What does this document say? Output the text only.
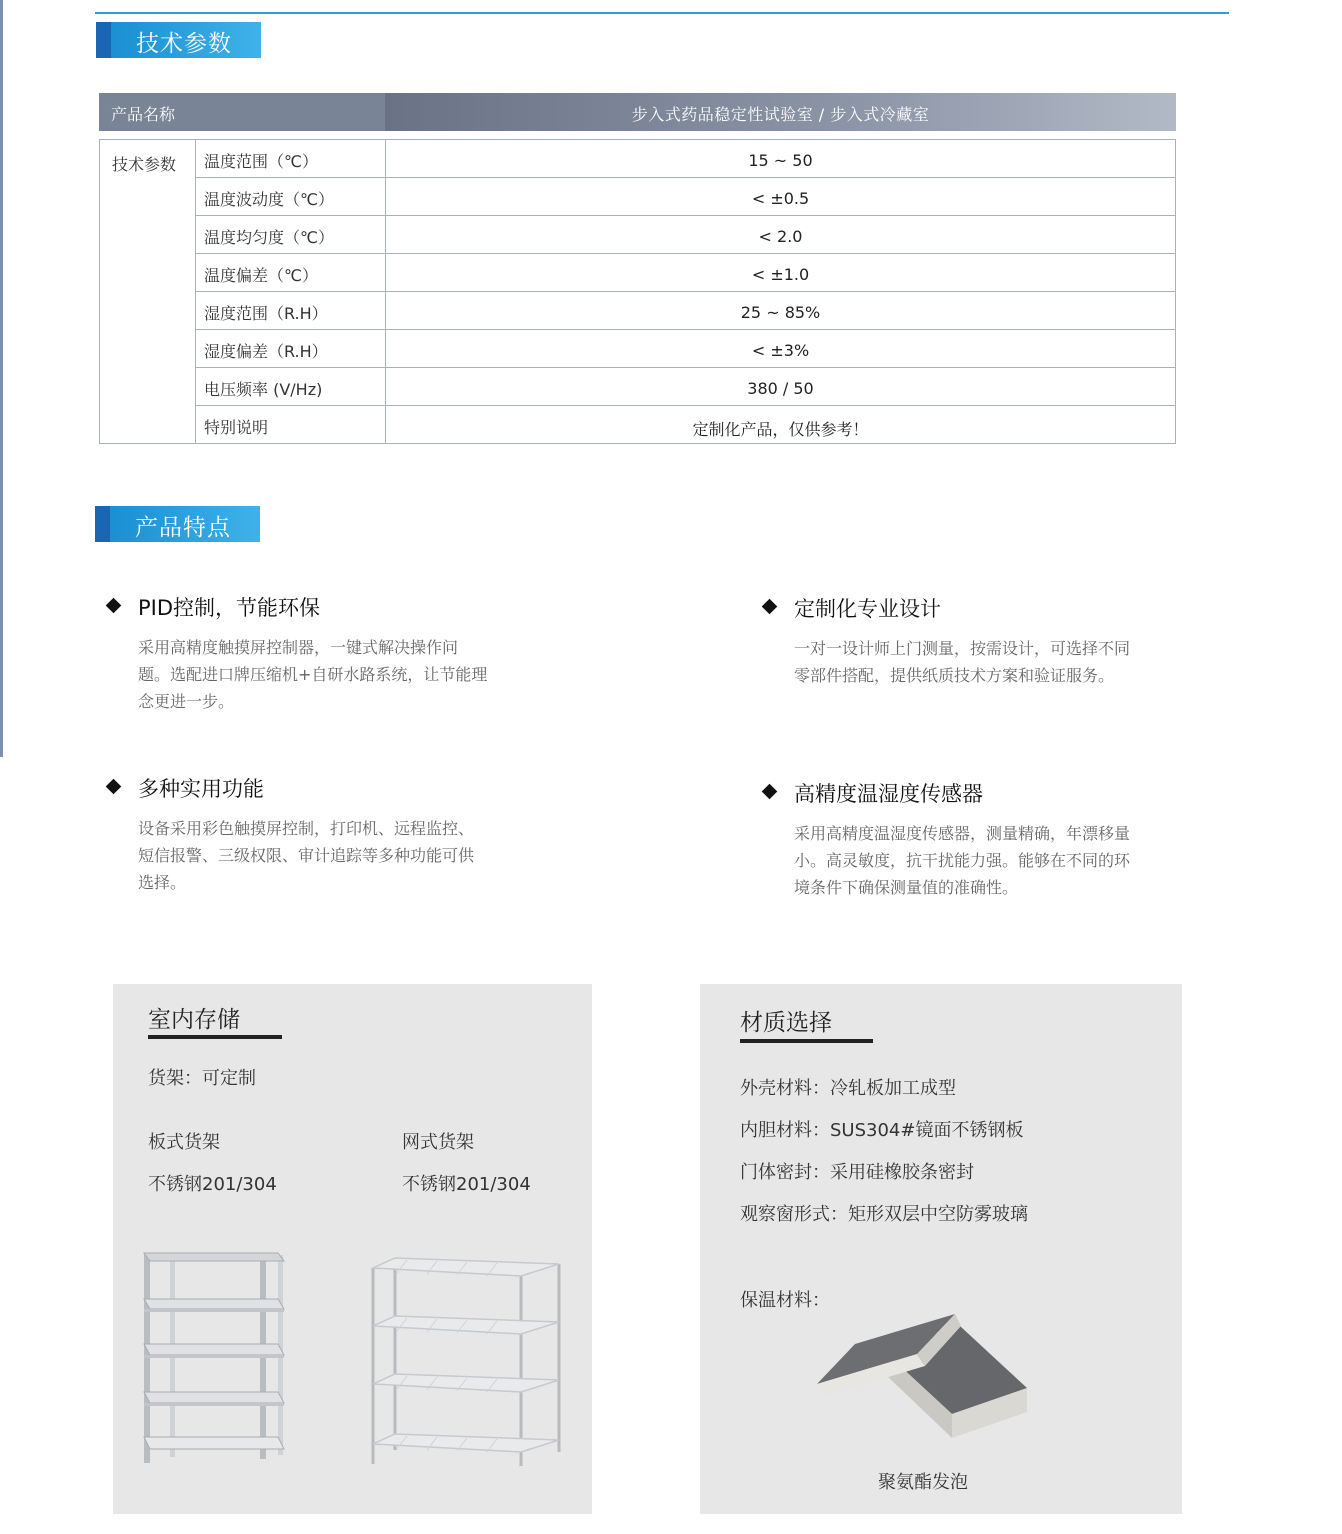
技术参数
产品名称	步入式药品稳定性试验室 / 步入式冷藏室
技术参数 温度范围（℃）	15 ~ 50
温度波动度（℃）	< ±0.5
温度均匀度（℃）	< 2.0
温度偏差（℃）	< ±1.0
湿度范围（R.H）	25 ~ 85%
湿度偏差（R.H）	< ±3%
电压频率 (V/Hz)	380 / 50
特别说明	定制化产品，仅供参考！
产品特点
PID控制，节能环保
采用高精度触摸屏控制器，一键式解决操作问题。选配进口牌压缩机+自研水路系统，让节能理念更进一步。
定制化专业设计
一对一设计师上门测量，按需设计，可选择不同零部件搭配，提供纸质技术方案和验证服务。
多种实用功能
设备采用彩色触摸屏控制，打印机、远程监控、短信报警、三级权限、审计追踪等多种功能可供选择。
高精度温湿度传感器
采用高精度温湿度传感器，测量精确，年漂移量小。高灵敏度，抗干扰能力强。能够在不同的环境条件下确保测量值的准确性。
室内存储
货架：可定制
板式货架
不锈钢201/304
网式货架
不锈钢201/304
材质选择
外壳材料：冷轧板加工成型
内胆材料：SUS304#镜面不锈钢板
门体密封：采用硅橡胶条密封
观察窗形式：矩形双层中空防雾玻璃
保温材料：
聚氨酯发泡
